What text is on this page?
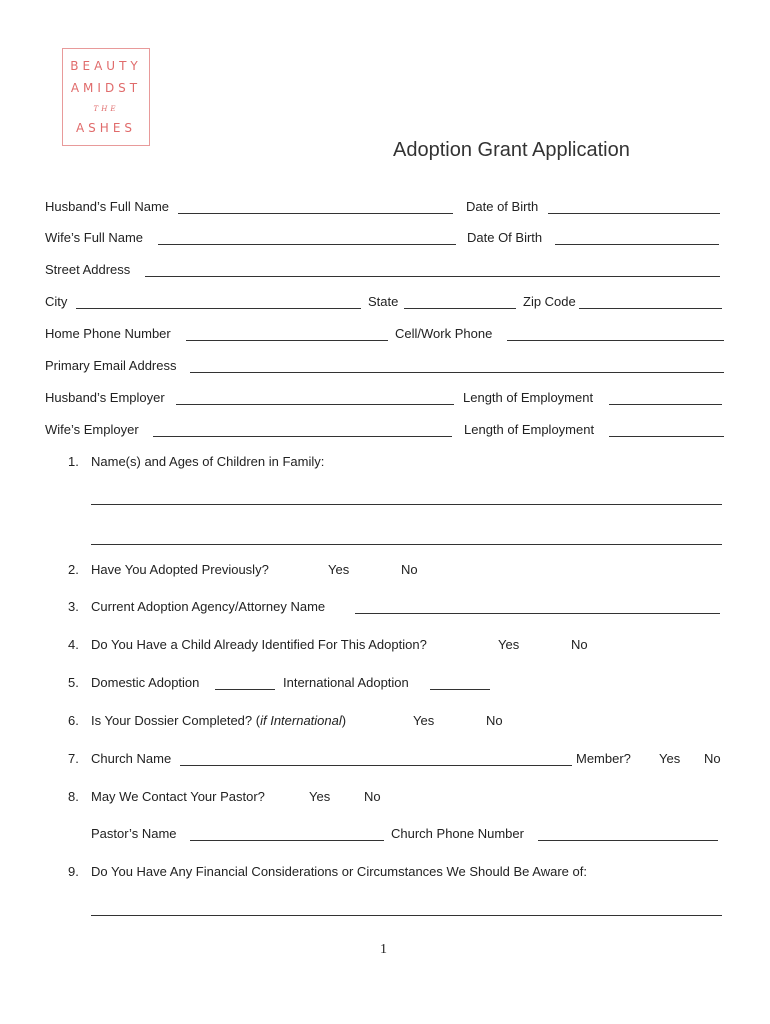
BEAUTY
AMIDST
THE
ASHES
Adoption Grant Application
Husband’s Full Name	Date of Birth
Wife’s Full Name	Date Of Birth
Street Address
City	State	Zip Code
Home Phone Number	Cell/Work Phone
Primary Email Address
Husband’s Employer	Length of Employment
Wife’s Employer	Length of Employment
1. Name(s) and Ages of Children in Family:
2. Have You Adopted Previously?	Yes	No
3. Current Adoption Agency/Attorney Name
4. Do You Have a Child Already Identified For This Adoption?	Yes	No
5. Domestic Adoption	International Adoption
6. Is Your Dossier Completed? (if International)	Yes	No
7. Church Name	Member? Yes No
8. May We Contact Your Pastor?	Yes	No
Pastor’s Name	Church Phone Number
9. Do You Have Any Financial Considerations or Circumstances We Should Be Aware of:
1
